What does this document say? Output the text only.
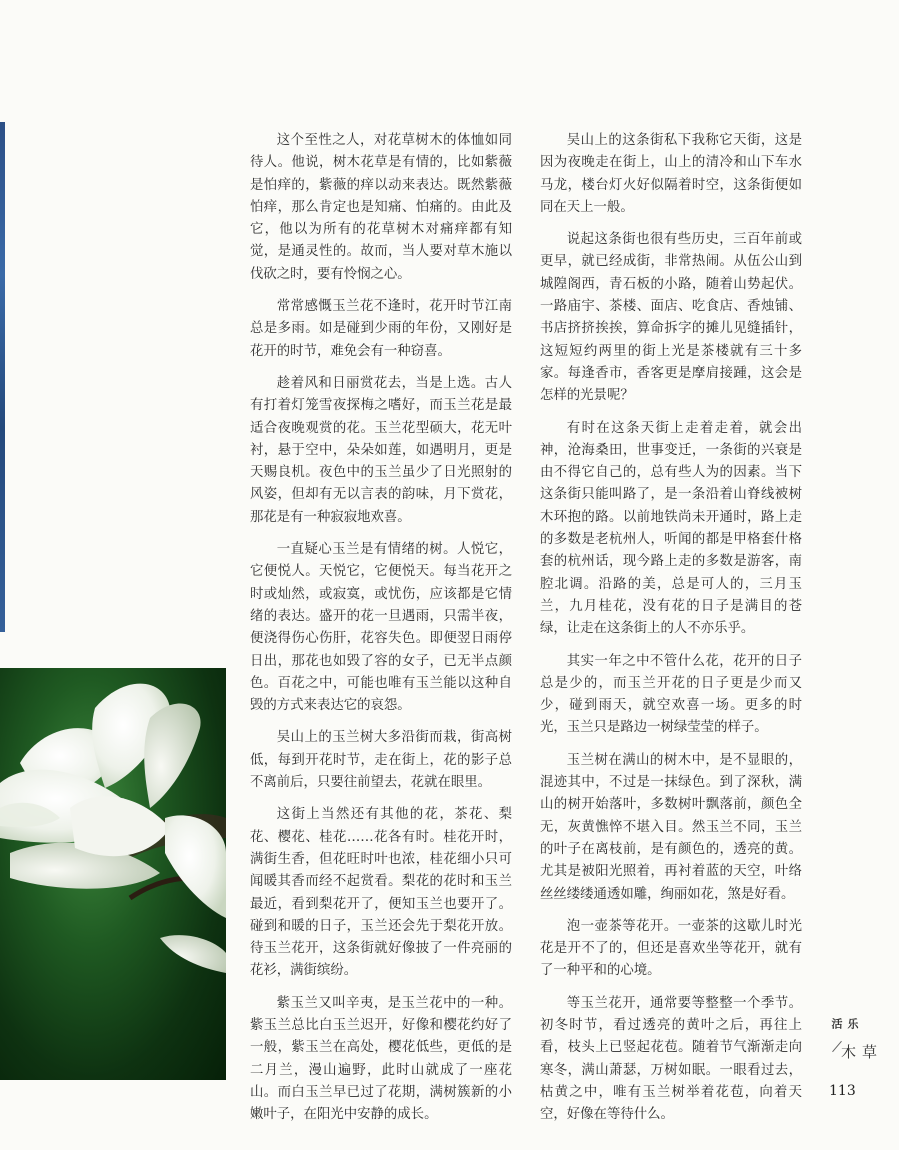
这个至性之人，对花草树木的体恤如同待人。他说，树木花草是有情的，比如紫薇是怕痒的，紫薇的痒以动来表达。既然紫薇怕痒，那么肯定也是知痛、怕痛的。由此及它，他以为所有的花草树木对痛痒都有知觉，是通灵性的。故而，当人要对草木施以伐砍之时，要有怜悯之心。

常常感慨玉兰花不逢时，花开时节江南总是多雨。如是碰到少雨的年份，又刚好是花开的时节，难免会有一种窃喜。

趁着风和日丽赏花去，当是上选。古人有打着灯笼雪夜探梅之嗜好，而玉兰花是最适合夜晚观赏的花。玉兰花型硕大，花无叶衬，悬于空中，朵朵如莲，如遇明月，更是天赐良机。夜色中的玉兰虽少了日光照射的风姿，但却有无以言表的韵味，月下赏花，那花是有一种寂寂地欢喜。

一直疑心玉兰是有情绪的树。人悦它，它便悦人。天悦它，它便悦天。每当花开之时或灿然，或寂寞，或忧伤，应该都是它情绪的表达。盛开的花一旦遇雨，只需半夜，便浇得伤心伤肝，花容失色。即便翌日雨停日出，那花也如毁了容的女子，已无半点颜色。百花之中，可能也唯有玉兰能以这种自毁的方式来表达它的哀怨。

吴山上的玉兰树大多沿街而栽，街高树低，每到开花时节，走在街上，花的影子总不离前后，只要往前望去，花就在眼里。

这街上当然还有其他的花，茶花、梨花、樱花、桂花……花各有时。桂花开时，满街生香，但花旺时叶也浓，桂花细小只可闻暖其香而经不起赏看。梨花的花时和玉兰最近，看到梨花开了，便知玉兰也要开了。碰到和暖的日子，玉兰还会先于梨花开放。待玉兰花开，这条街就好像披了一件亮丽的花衫，满街缤纷。

紫玉兰又叫辛夷，是玉兰花中的一种。紫玉兰总比白玉兰迟开，好像和樱花约好了一般，紫玉兰在高处，樱花低些，更低的是二月兰，漫山遍野，此时山就成了一座花山。而白玉兰早已过了花期，满树簇新的小嫩叶子，在阳光中安静的成长。

吴山上的这条街私下我称它天街，这是因为夜晚走在街上，山上的清冷和山下车水马龙，楼台灯火好似隔着时空，这条街便如同在天上一般。

说起这条街也很有些历史，三百年前或更早，就已经成街，非常热闹。从伍公山到城隍阁西，青石板的小路，随着山势起伏。一路庙宇、茶楼、面店、吃食店、香烛铺、书店挤挤挨挨，算命拆字的摊儿见缝插针，这短短约两里的街上光是茶楼就有三十多家。每逢香市，香客更是摩肩接踵，这会是怎样的光景呢？

有时在这条天街上走着走着，就会出神，沧海桑田，世事变迁，一条街的兴衰是由不得它自己的，总有些人为的因素。当下这条街只能叫路了，是一条沿着山脊线被树木环抱的路。以前地铁尚未开通时，路上走的多数是老杭州人，听闻的都是甲格套什格套的杭州话，现今路上走的多数是游客，南腔北调。沿路的美，总是可人的，三月玉兰，九月桂花，没有花的日子是满目的苍绿，让走在这条街上的人不亦乐乎。

其实一年之中不管什么花，花开的日子总是少的，而玉兰开花的日子更是少而又少，碰到雨天，就空欢喜一场。更多的时光，玉兰只是路边一树绿莹莹的样子。

玉兰树在满山的树木中，是不显眼的，混迹其中，不过是一抹绿色。到了深秋，满山的树开始落叶，多数树叶飘落前，颜色全无，灰黄憔悴不堪入目。然玉兰不同，玉兰的叶子在离枝前，是有颜色的，透亮的黄。尤其是被阳光照着，再衬着蓝的天空，叶络丝丝缕缕通透如雕，绚丽如花，煞是好看。

泡一壶茶等花开。一壶茶的这歇儿时光花是开不了的，但还是喜欢坐等花开，就有了一种平和的心境。

等玉兰花开，通常要等整整一个季节。初冬时节，看过透亮的黄叶之后，再往上看，枝头上已竖起花苞。随着节气渐渐走向寒冬，满山萧瑟，万树如眠。一眼看过去，枯黄之中，唯有玉兰树举着花苞，向着天空，好像在等待什么。

乐活
草木
113
